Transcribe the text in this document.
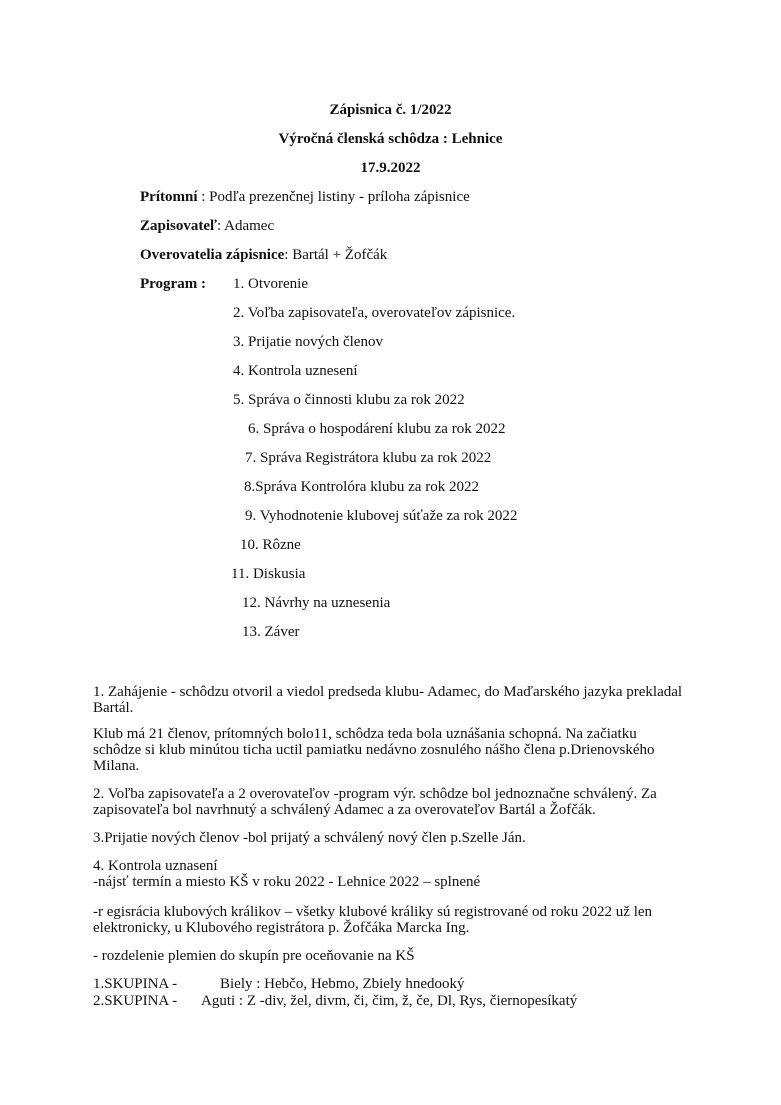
Zápisnica č. 1/2022
Výročná členská schôdza : Lehnice
17.9.2022
Prítomní : Podľa prezenčnej listiny - príloha zápisnice
Zapisovateľ: Adamec
Overovatelia zápisnice: Bartál + Žofčák
Program : 1. Otvorenie
2. Voľba zapisovateľa, overovateľov zápisnice.
3. Prijatie nových členov
4. Kontrola uznesení
5. Správa o činnosti klubu za rok 2022
6. Správa o hospodárení klubu za rok 2022
7. Správa Registrátora klubu za rok 2022
8.Správa Kontrolóra klubu za rok 2022
9. Vyhodnotenie klubovej súťaže za rok 2022
10. Rôzne
11. Diskusia
12. Návrhy na uznesenia
13. Záver
1. Zahájenie - schôdzu otvoril a viedol predseda klubu- Adamec, do Maďarského jazyka prekladal
Bartál.
Klub má 21 členov, prítomných bolo11, schôdza teda bola uznášania schopná. Na začiatku
schôdze si klub minútou ticha uctil pamiatku nedávno zosnulého nášho člena p.Drienovského
Milana.
2. Voľba zapisovateľa a 2 overovateľov -program výr. schôdze bol jednoznačne schválený. Za
zapisovateľa bol navrhnutý a schválený Adamec a za overovateľov Bartál a Žofčák.
3.Prijatie nových členov -bol prijatý a schválený nový člen p.Szelle Ján.
4. Kontrola uznasení
-nájsť termín a miesto KŠ v roku 2022 - Lehnice 2022 – splnené
-r egisrácia klubových králikov – všetky klubové králiky sú registrované od roku 2022 už len
elektronicky, u Klubového registrátora p. Žofčáka Marcka Ing.
- rozdelenie plemien do skupín pre oceňovanie na KŠ
1.SKUPINA -	Biely : Hebčo, Hebmo, Zbiely hnedooký
2.SKUPINA - Aguti : Z -div, žel, divm, či, čim, ž, če, Dl, Rys, čiernopesíkatý
